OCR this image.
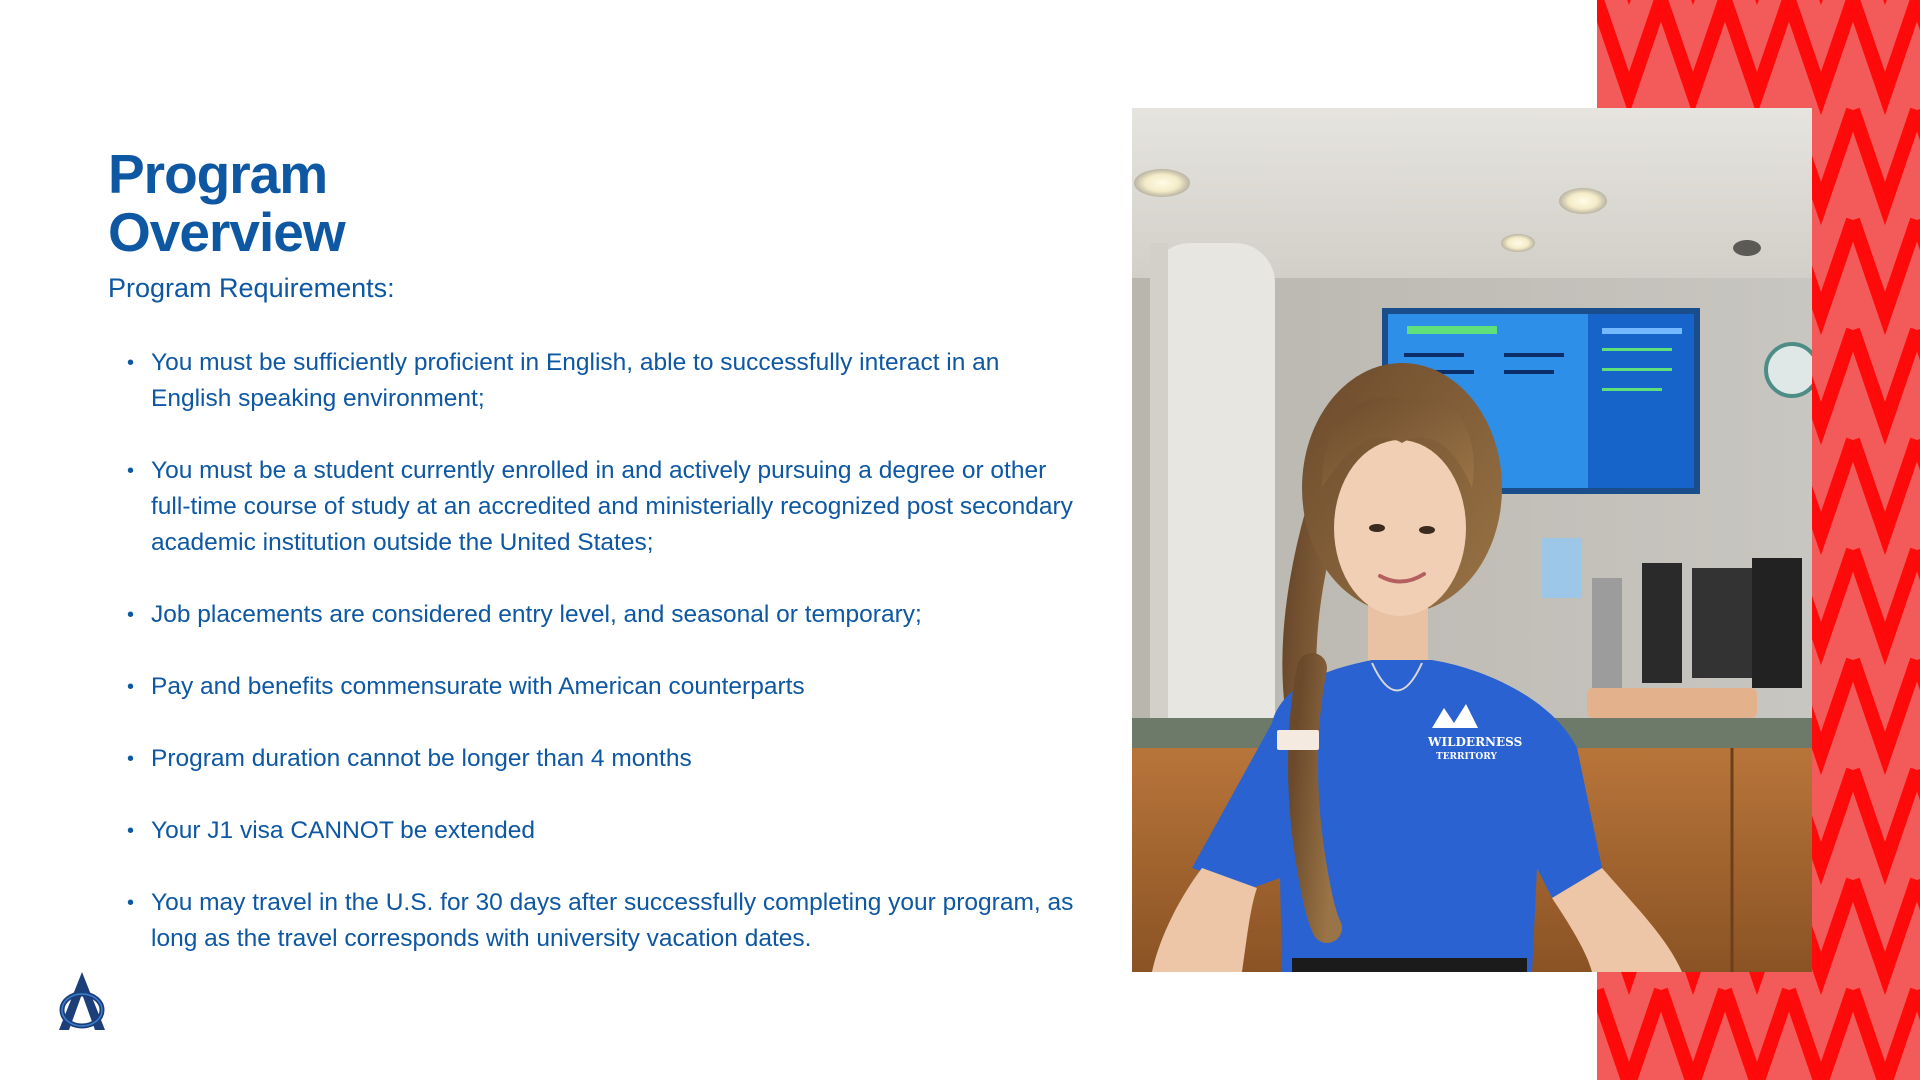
Program
Overview

Program Requirements:

• You must be sufficiently proficient in English, able to successfully interact in an English speaking environment;
• You must be a student currently enrolled in and actively pursuing a degree or other full-time course of study at an accredited and ministerially recognized post secondary academic institution outside the United States;
• Job placements are considered entry level, and seasonal or temporary;
• Pay and benefits commensurate with American counterparts
• Program duration cannot be longer than 4 months
• Your J1 visa CANNOT be extended
• You may travel in the U.S. for 30 days after successfully completing your program, as long as the travel corresponds with university vacation dates.
WILDERNESS
TERRITORY
